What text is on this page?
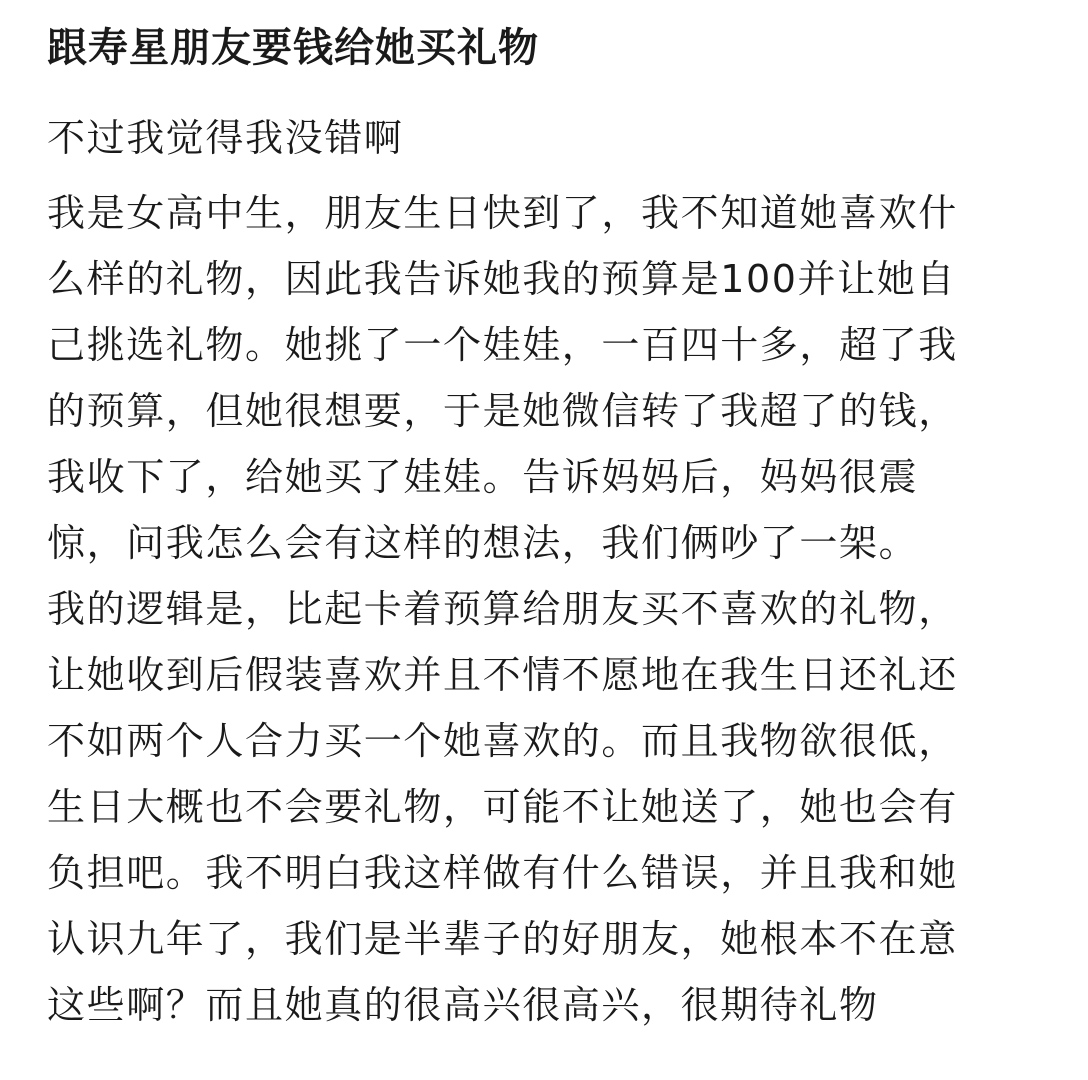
跟寿星朋友要钱给她买礼物
不过我觉得我没错啊
我是女高中生，朋友生日快到了，我不知道她喜欢什
么样的礼物，因此我告诉她我的预算是100并让她自
己挑选礼物。她挑了一个娃娃，一百四十多，超了我
的预算，但她很想要，于是她微信转了我超了的钱，
我收下了，给她买了娃娃。告诉妈妈后，妈妈很震
惊，问我怎么会有这样的想法，我们俩吵了一架。
我的逻辑是，比起卡着预算给朋友买不喜欢的礼物，
让她收到后假装喜欢并且不情不愿地在我生日还礼还
不如两个人合力买一个她喜欢的。而且我物欲很低，
生日大概也不会要礼物，可能不让她送了，她也会有
负担吧。我不明白我这样做有什么错误，并且我和她
认识九年了，我们是半辈子的好朋友，她根本不在意
这些啊？而且她真的很高兴很高兴，很期待礼物
